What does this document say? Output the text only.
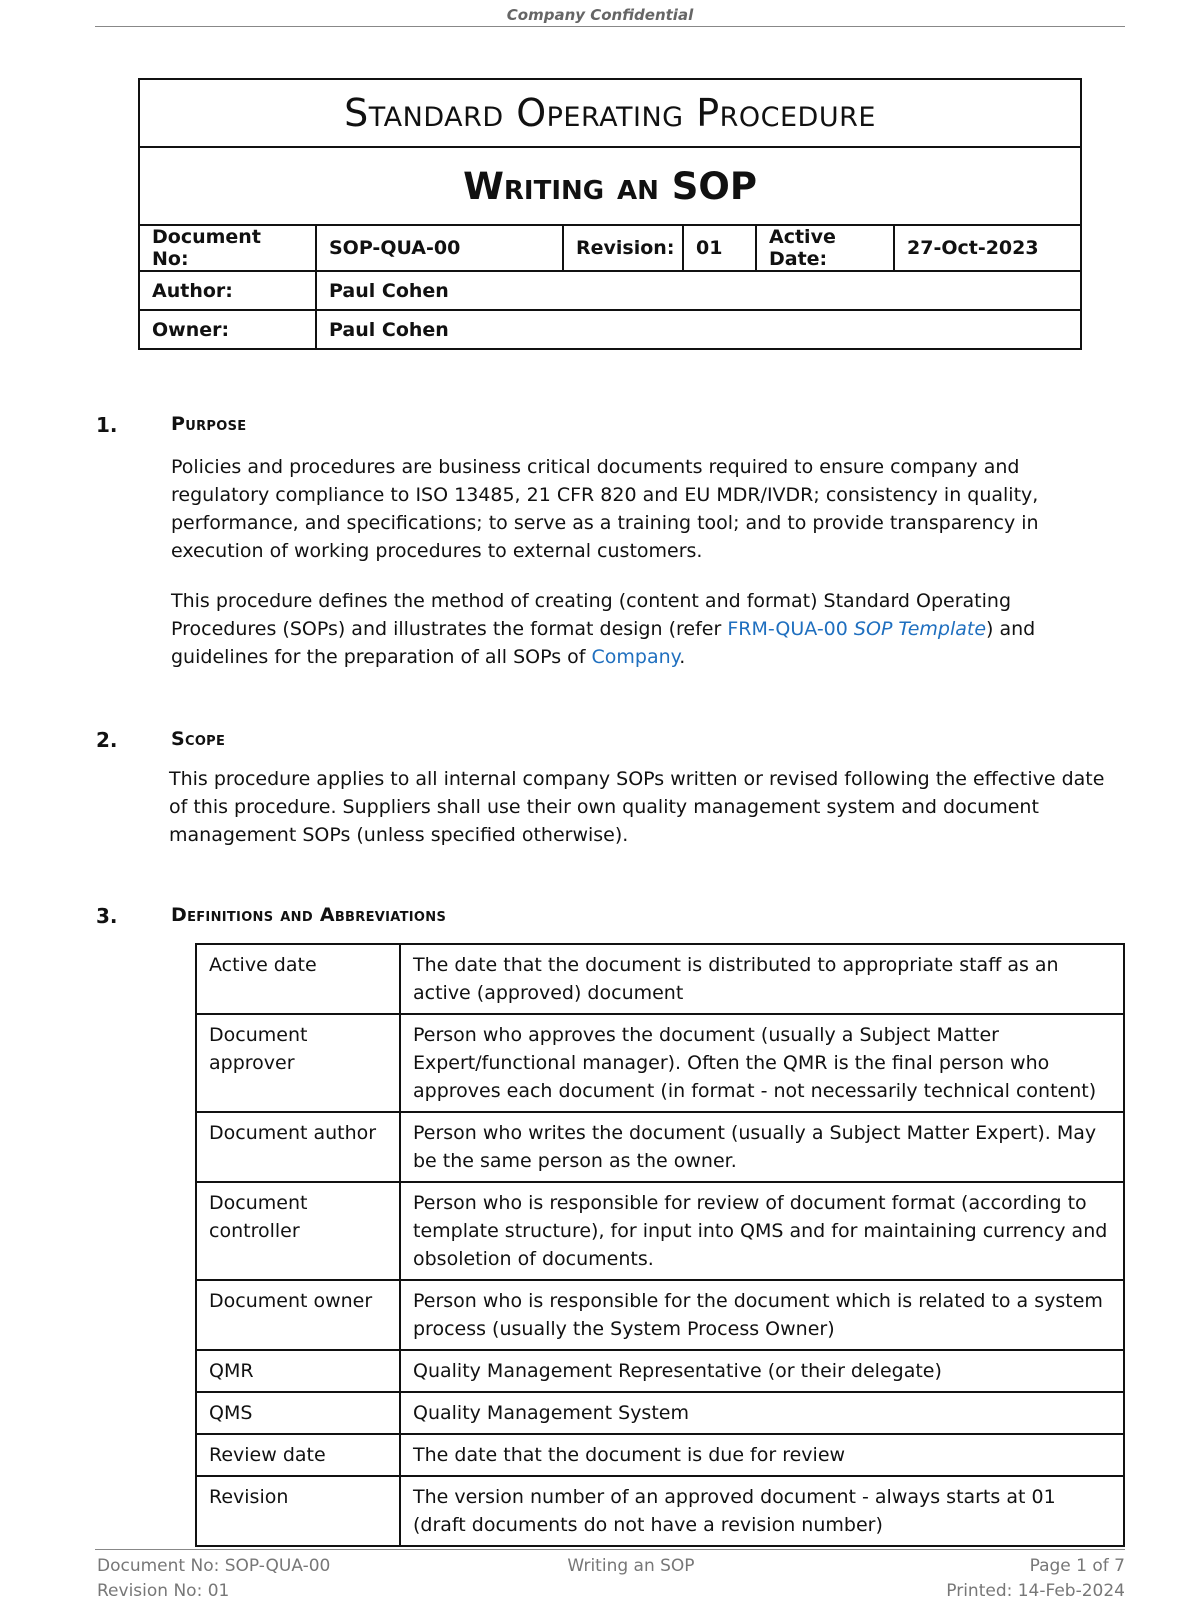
Company Confidential
Standard Operating Procedure					
Writing an SOP					
Document No:	SOP-QUA-00	Revision:	01	Active Date:	27-Oct-2023
Author:	Paul Cohen				
Owner:	Paul Cohen				
1.	Purpose

Policies and procedures are business critical documents required to ensure company and regulatory compliance to ISO 13485, 21 CFR 820 and EU MDR/IVDR; consistency in quality, performance, and specifications; to serve as a training tool; and to provide transparency in execution of working procedures to external customers.

This procedure defines the method of creating (content and format) Standard Operating Procedures (SOPs) and illustrates the format design (refer FRM-QUA-00 SOP Template) and guidelines for the preparation of all SOPs of Company.

2.	Scope

This procedure applies to all internal company SOPs written or revised following the effective date of this procedure. Suppliers shall use their own quality management system and document management SOPs (unless specified otherwise).

3.	Definitions and Abbreviations
Active date	The date that the document is distributed to appropriate staff as an active (approved) document
Document approver	Person who approves the document (usually a Subject Matter Expert/functional manager). Often the QMR is the final person who approves each document (in format - not necessarily technical content)
Document author	Person who writes the document (usually a Subject Matter Expert). May be the same person as the owner.
Document controller	Person who is responsible for review of document format (according to template structure), for input into QMS and for maintaining currency and obsoletion of documents.
Document owner	Person who is responsible for the document which is related to a system process (usually the System Process Owner)
QMR	Quality Management Representative (or their delegate)
QMS	Quality Management System
Review date	The date that the document is due for review
Revision	The version number of an approved document - always starts at 01 (draft documents do not have a revision number)
Document No: SOP-QUA-00
Revision No: 01
Writing an SOP	Page 1 of 7
Printed: 14-Feb-2024
